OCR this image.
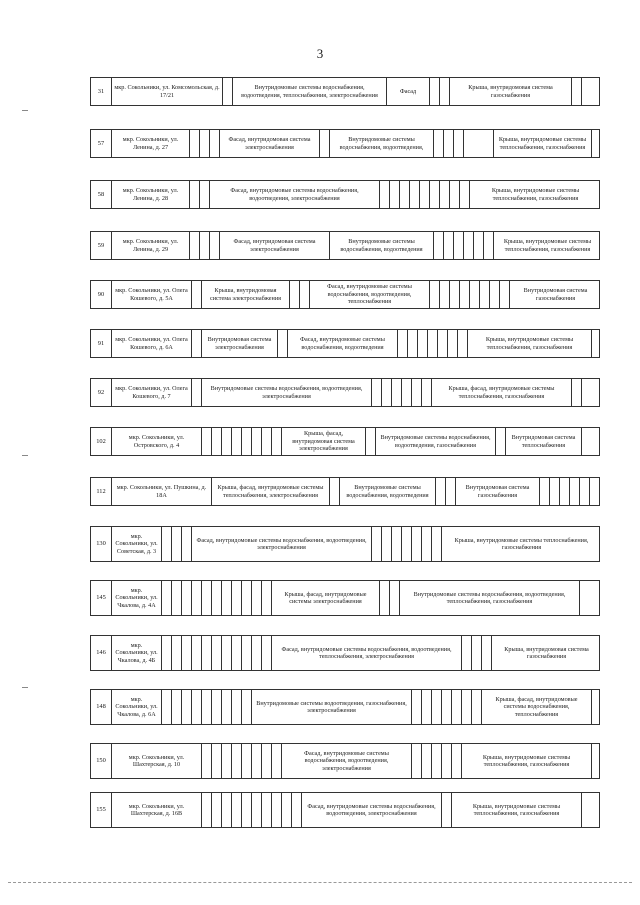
3
31
мкр. Сокольники, ул. Комсомольская, д. 17/21
Внутридомовые системы водоснабжения, водоотведения, теплоснабжения, электроснабжения
Фасад
Крыша, внутридомовая система газоснабжения
57
мкр. Сокольники, ул. Ленина, д. 27
Фасад, внутридомовая система электроснабжения
Внутридомовые системы водоснабжения, водоотведения,
Крыша, внутридомовые системы теплоснабжения, газоснабжения
58
мкр. Сокольники, ул. Ленина, д. 28
Фасад, внутридомовые системы водоснабжения, водоотведения, электроснабжения
Крыша, внутридомовые системы теплоснабжения, газоснабжения
59
мкр. Сокольники, ул. Ленина, д. 29
Фасад, внутридомовая система электроснабжения
Внутридомовые системы водоснабжения, водоотведения
Крыша, внутридомовые системы теплоснабжения, газоснабжения
90
мкр. Сокольники, ул. Олега Кошевого, д. 5А
Крыша, внутридомовая система электроснабжения
Фасад, внутридомовые системы водоснабжения, водоотведения, теплоснабжения
Внутридомовая система газоснабжения
91
мкр. Сокольники, ул. Олега Кошевого, д. 6А
Внутридомовая система электроснабжения
Фасад, внутридомовые системы водоснабжения, водоотведения
Крыша, внутридомовые системы теплоснабжения, газоснабжения
92
мкр. Сокольники, ул. Олега Кошевого, д. 7
Внутридомовые системы водоснабжения, водоотведения, электроснабжения
Крыша, фасад, внутридомовые системы теплоснабжения, газоснабжения
102
мкр. Сокольники, ул. Островского, д. 4
Крыша, фасад, внутридомовая система электроснабжения
Внутридомовые системы водоснабжения, водоотведения, газоснабжения
Внутридомовая система теплоснабжения
112
мкр. Сокольники, ул. Пушкина, д. 18А
Крыша, фасад, внутридомовые системы теплоснабжения, электроснабжения
Внутридомовые системы водоснабжения, водоотведения
Внутридомовая система газоснабжения
130
мкр. Сокольники, ул. Советская, д. 3
Фасад, внутридомовые системы водоснабжения, водоотведения, электроснабжения
Крыша, внутридомовые системы теплоснабжения, газоснабжения
145
мкр. Сокольники, ул. Чкалова, д. 4А
Крыша, фасад, внутридомовые системы электроснабжения
Внутридомовые системы водоснабжения, водоотведения, теплоснабжения, газоснабжения
146
мкр. Сокольники, ул. Чкалова, д. 4Б
Фасад, внутридомовые системы водоснабжения, водоотведения, теплоснабжения, электроснабжения
Крыша, внутридомовая система газоснабжения
148
мкр. Сокольники, ул. Чкалова, д. 6А
Внутридомовые системы водоотведения, газоснабжения, электроснабжения
Крыша, фасад, внутридомовые системы водоснабжения, теплоснабжения
150
мкр. Сокольники, ул. Шахтерская, д. 10
Фасад, внутридомовые системы водоснабжения, водоотведения, электроснабжения
Крыша, внутридомовые системы теплоснабжения, газоснабжения
155
мкр. Сокольники, ул. Шахтерская, д. 16В
Фасад, внутридомовые системы водоснабжения, водоотведения, электроснабжения
Крыша, внутридомовые системы теплоснабжения, газоснабжения
